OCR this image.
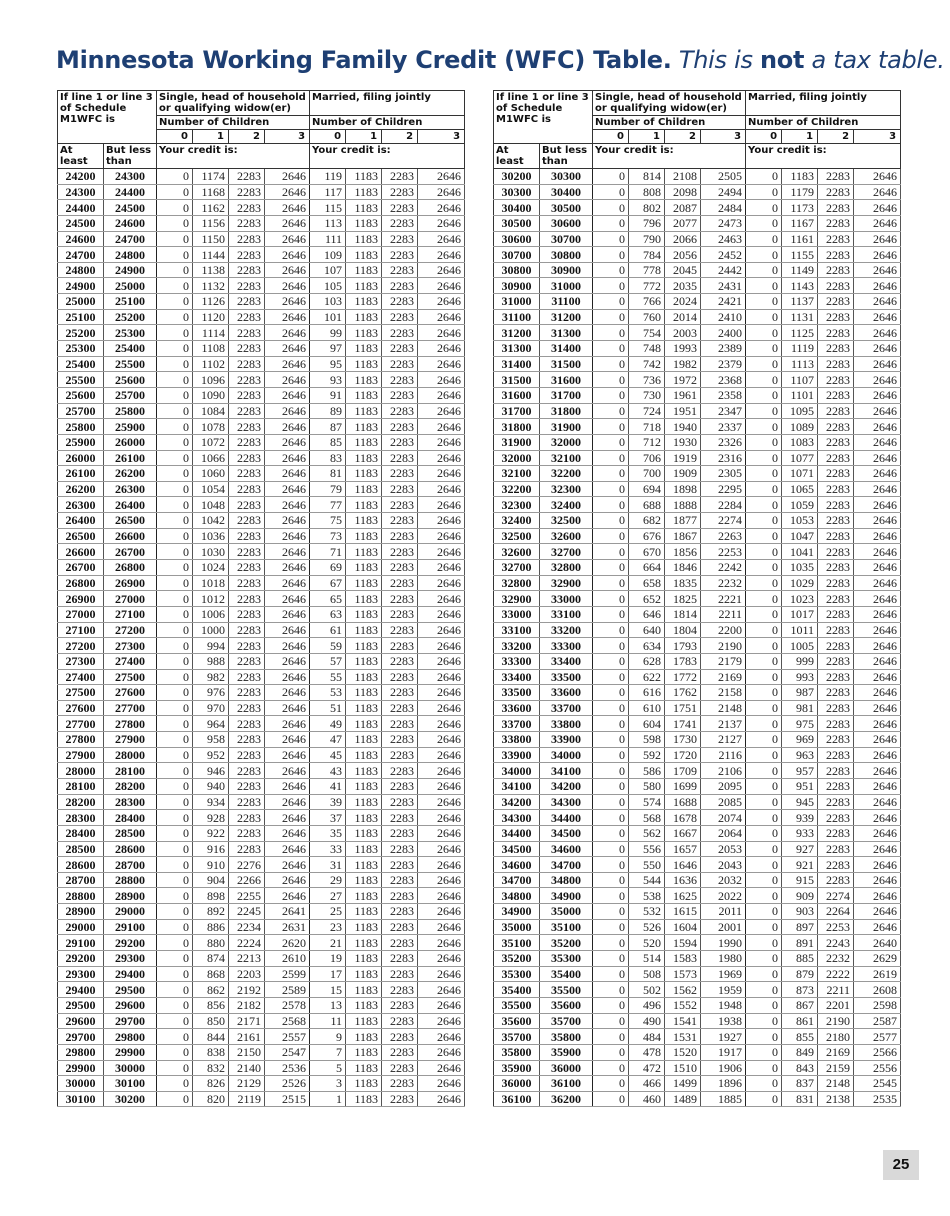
Minnesota Working Family Credit (WFC) Table. This is not a tax table.
If line 1 or line 3 of Schedule M1WFC is		Single, head of household or qualifying widow(er)				Married, filing jointly			
		Number of Children				Number of Children			
		0	1	2	3	0	1	2	3
At least	But less than	Your credit is:				Your credit is:			
24200	24300	0	1174	2283	2646	119	1183	2283	2646
24300	24400	0	1168	2283	2646	117	1183	2283	2646
24400	24500	0	1162	2283	2646	115	1183	2283	2646
24500	24600	0	1156	2283	2646	113	1183	2283	2646
24600	24700	0	1150	2283	2646	111	1183	2283	2646
24700	24800	0	1144	2283	2646	109	1183	2283	2646
24800	24900	0	1138	2283	2646	107	1183	2283	2646
24900	25000	0	1132	2283	2646	105	1183	2283	2646
25000	25100	0	1126	2283	2646	103	1183	2283	2646
25100	25200	0	1120	2283	2646	101	1183	2283	2646
25200	25300	0	1114	2283	2646	99	1183	2283	2646
25300	25400	0	1108	2283	2646	97	1183	2283	2646
25400	25500	0	1102	2283	2646	95	1183	2283	2646
25500	25600	0	1096	2283	2646	93	1183	2283	2646
25600	25700	0	1090	2283	2646	91	1183	2283	2646
25700	25800	0	1084	2283	2646	89	1183	2283	2646
25800	25900	0	1078	2283	2646	87	1183	2283	2646
25900	26000	0	1072	2283	2646	85	1183	2283	2646
26000	26100	0	1066	2283	2646	83	1183	2283	2646
26100	26200	0	1060	2283	2646	81	1183	2283	2646
26200	26300	0	1054	2283	2646	79	1183	2283	2646
26300	26400	0	1048	2283	2646	77	1183	2283	2646
26400	26500	0	1042	2283	2646	75	1183	2283	2646
26500	26600	0	1036	2283	2646	73	1183	2283	2646
26600	26700	0	1030	2283	2646	71	1183	2283	2646
26700	26800	0	1024	2283	2646	69	1183	2283	2646
26800	26900	0	1018	2283	2646	67	1183	2283	2646
26900	27000	0	1012	2283	2646	65	1183	2283	2646
27000	27100	0	1006	2283	2646	63	1183	2283	2646
27100	27200	0	1000	2283	2646	61	1183	2283	2646
27200	27300	0	994	2283	2646	59	1183	2283	2646
27300	27400	0	988	2283	2646	57	1183	2283	2646
27400	27500	0	982	2283	2646	55	1183	2283	2646
27500	27600	0	976	2283	2646	53	1183	2283	2646
27600	27700	0	970	2283	2646	51	1183	2283	2646
27700	27800	0	964	2283	2646	49	1183	2283	2646
27800	27900	0	958	2283	2646	47	1183	2283	2646
27900	28000	0	952	2283	2646	45	1183	2283	2646
28000	28100	0	946	2283	2646	43	1183	2283	2646
28100	28200	0	940	2283	2646	41	1183	2283	2646
28200	28300	0	934	2283	2646	39	1183	2283	2646
28300	28400	0	928	2283	2646	37	1183	2283	2646
28400	28500	0	922	2283	2646	35	1183	2283	2646
28500	28600	0	916	2283	2646	33	1183	2283	2646
28600	28700	0	910	2276	2646	31	1183	2283	2646
28700	28800	0	904	2266	2646	29	1183	2283	2646
28800	28900	0	898	2255	2646	27	1183	2283	2646
28900	29000	0	892	2245	2641	25	1183	2283	2646
29000	29100	0	886	2234	2631	23	1183	2283	2646
29100	29200	0	880	2224	2620	21	1183	2283	2646
29200	29300	0	874	2213	2610	19	1183	2283	2646
29300	29400	0	868	2203	2599	17	1183	2283	2646
29400	29500	0	862	2192	2589	15	1183	2283	2646
29500	29600	0	856	2182	2578	13	1183	2283	2646
29600	29700	0	850	2171	2568	11	1183	2283	2646
29700	29800	0	844	2161	2557	9	1183	2283	2646
29800	29900	0	838	2150	2547	7	1183	2283	2646
29900	30000	0	832	2140	2536	5	1183	2283	2646
30000	30100	0	826	2129	2526	3	1183	2283	2646
30100	30200	0	820	2119	2515	1	1183	2283	2646
If line 1 or line 3 of Schedule M1WFC is		Single, head of household or qualifying widow(er)				Married, filing jointly			
		Number of Children				Number of Children			
		0	1	2	3	0	1	2	3
At least	But less than	Your credit is:				Your credit is:			
30200	30300	0	814	2108	2505	0	1183	2283	2646
30300	30400	0	808	2098	2494	0	1179	2283	2646
30400	30500	0	802	2087	2484	0	1173	2283	2646
30500	30600	0	796	2077	2473	0	1167	2283	2646
30600	30700	0	790	2066	2463	0	1161	2283	2646
30700	30800	0	784	2056	2452	0	1155	2283	2646
30800	30900	0	778	2045	2442	0	1149	2283	2646
30900	31000	0	772	2035	2431	0	1143	2283	2646
31000	31100	0	766	2024	2421	0	1137	2283	2646
31100	31200	0	760	2014	2410	0	1131	2283	2646
31200	31300	0	754	2003	2400	0	1125	2283	2646
31300	31400	0	748	1993	2389	0	1119	2283	2646
31400	31500	0	742	1982	2379	0	1113	2283	2646
31500	31600	0	736	1972	2368	0	1107	2283	2646
31600	31700	0	730	1961	2358	0	1101	2283	2646
31700	31800	0	724	1951	2347	0	1095	2283	2646
31800	31900	0	718	1940	2337	0	1089	2283	2646
31900	32000	0	712	1930	2326	0	1083	2283	2646
32000	32100	0	706	1919	2316	0	1077	2283	2646
32100	32200	0	700	1909	2305	0	1071	2283	2646
32200	32300	0	694	1898	2295	0	1065	2283	2646
32300	32400	0	688	1888	2284	0	1059	2283	2646
32400	32500	0	682	1877	2274	0	1053	2283	2646
32500	32600	0	676	1867	2263	0	1047	2283	2646
32600	32700	0	670	1856	2253	0	1041	2283	2646
32700	32800	0	664	1846	2242	0	1035	2283	2646
32800	32900	0	658	1835	2232	0	1029	2283	2646
32900	33000	0	652	1825	2221	0	1023	2283	2646
33000	33100	0	646	1814	2211	0	1017	2283	2646
33100	33200	0	640	1804	2200	0	1011	2283	2646
33200	33300	0	634	1793	2190	0	1005	2283	2646
33300	33400	0	628	1783	2179	0	999	2283	2646
33400	33500	0	622	1772	2169	0	993	2283	2646
33500	33600	0	616	1762	2158	0	987	2283	2646
33600	33700	0	610	1751	2148	0	981	2283	2646
33700	33800	0	604	1741	2137	0	975	2283	2646
33800	33900	0	598	1730	2127	0	969	2283	2646
33900	34000	0	592	1720	2116	0	963	2283	2646
34000	34100	0	586	1709	2106	0	957	2283	2646
34100	34200	0	580	1699	2095	0	951	2283	2646
34200	34300	0	574	1688	2085	0	945	2283	2646
34300	34400	0	568	1678	2074	0	939	2283	2646
34400	34500	0	562	1667	2064	0	933	2283	2646
34500	34600	0	556	1657	2053	0	927	2283	2646
34600	34700	0	550	1646	2043	0	921	2283	2646
34700	34800	0	544	1636	2032	0	915	2283	2646
34800	34900	0	538	1625	2022	0	909	2274	2646
34900	35000	0	532	1615	2011	0	903	2264	2646
35000	35100	0	526	1604	2001	0	897	2253	2646
35100	35200	0	520	1594	1990	0	891	2243	2640
35200	35300	0	514	1583	1980	0	885	2232	2629
35300	35400	0	508	1573	1969	0	879	2222	2619
35400	35500	0	502	1562	1959	0	873	2211	2608
35500	35600	0	496	1552	1948	0	867	2201	2598
35600	35700	0	490	1541	1938	0	861	2190	2587
35700	35800	0	484	1531	1927	0	855	2180	2577
35800	35900	0	478	1520	1917	0	849	2169	2566
35900	36000	0	472	1510	1906	0	843	2159	2556
36000	36100	0	466	1499	1896	0	837	2148	2545
36100	36200	0	460	1489	1885	0	831	2138	2535
25
